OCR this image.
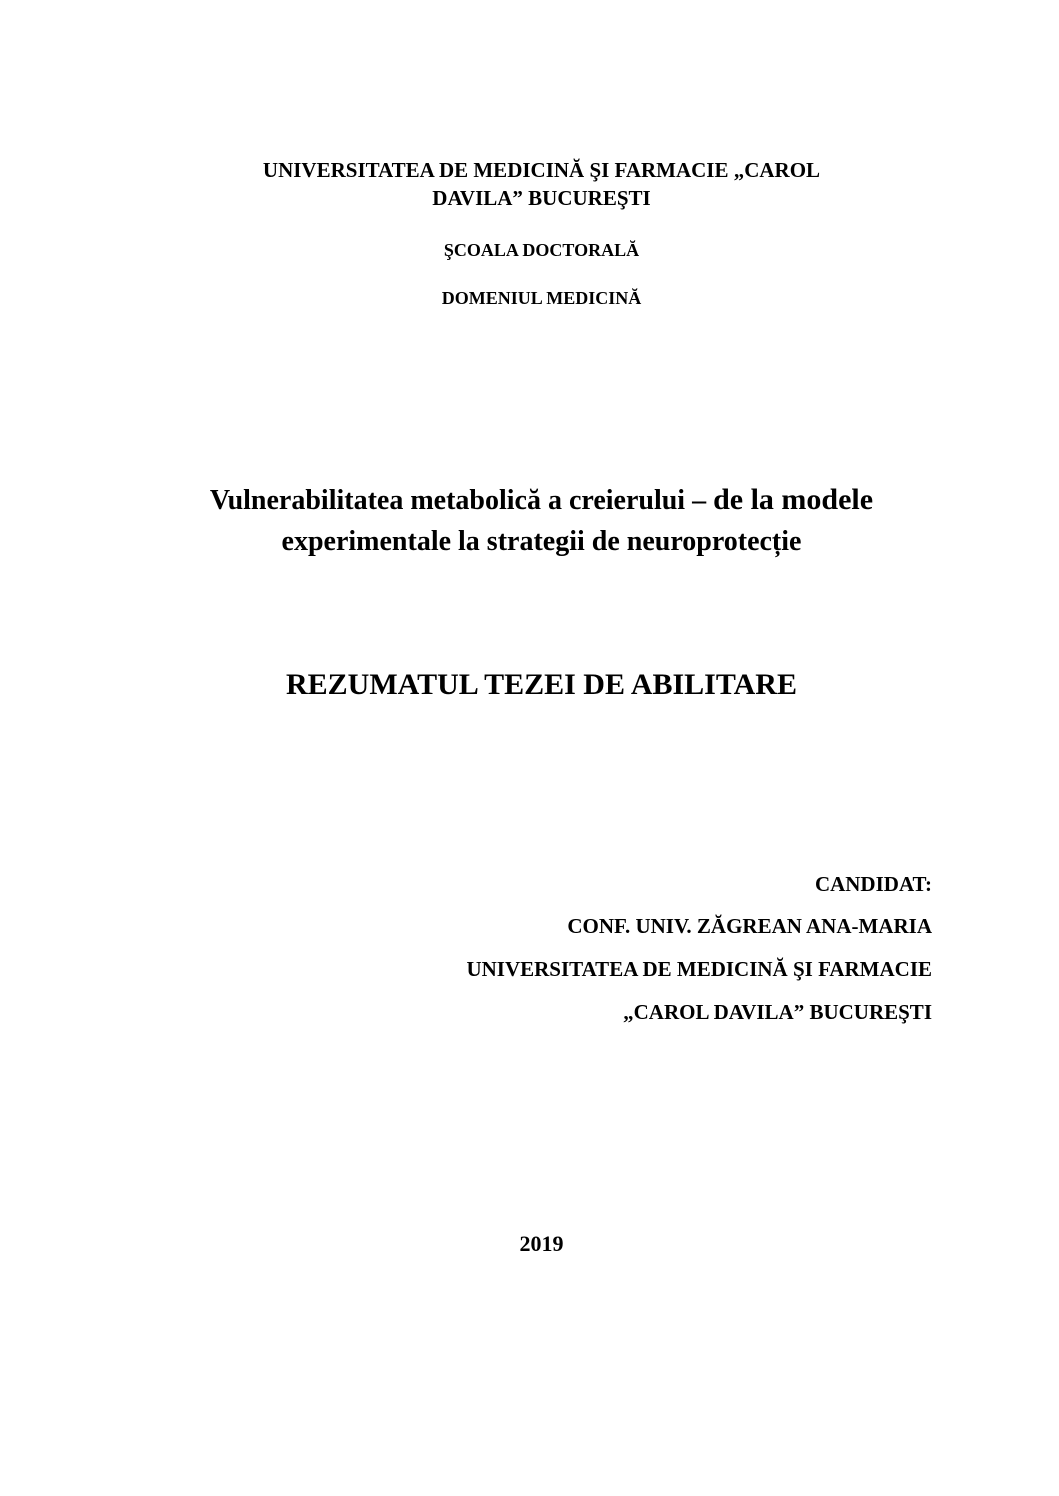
UNIVERSITATEA DE MEDICINĂ ŞI FARMACIE „CAROL
DAVILA” BUCUREŞTI
ŞCOALA DOCTORALĂ
DOMENIUL MEDICINĂ
Vulnerabilitatea metabolică a creierului – de la modele
experimentale la strategii de neuroprotecție
REZUMATUL TEZEI DE ABILITARE
CANDIDAT:
CONF. UNIV. ZĂGREAN ANA-MARIA
UNIVERSITATEA DE MEDICINĂ ŞI FARMACIE
„CAROL DAVILA” BUCUREŞTI
2019
